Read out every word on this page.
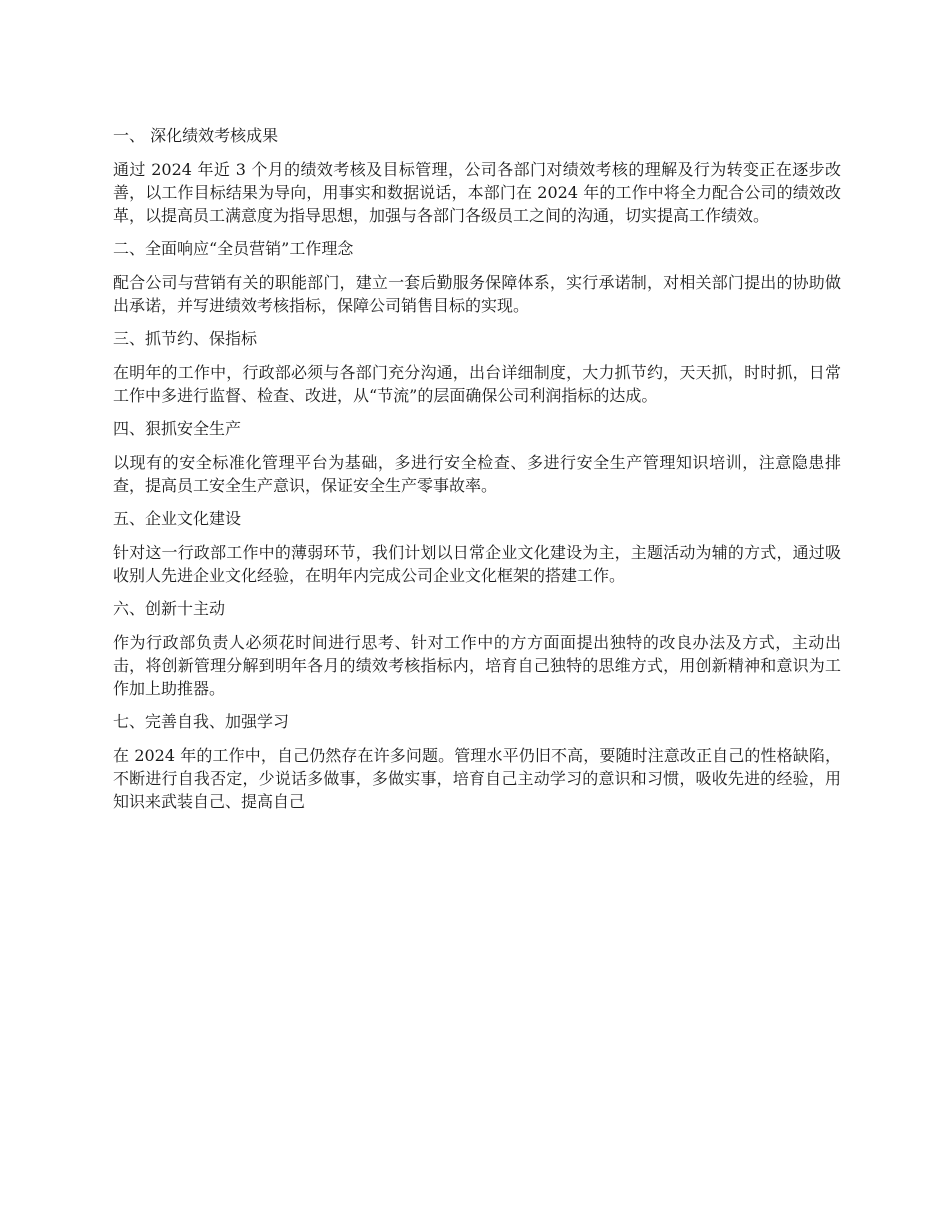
一、 深化绩效考核成果
通过 2024 年近 3 个月的绩效考核及目标管理，公司各部门对绩效考核的理解及行为转变正在逐步改善，以工作目标结果为导向，用事实和数据说话，本部门在 2024 年的工作中将全力配合公司的绩效改革，以提高员工满意度为指导思想，加强与各部门各级员工之间的沟通，切实提高工作绩效。
二、全面响应“全员营销”工作理念
配合公司与营销有关的职能部门，建立一套后勤服务保障体系，实行承诺制，对相关部门提出的协助做出承诺，并写进绩效考核指标，保障公司销售目标的实现。
三、抓节约、保指标
在明年的工作中，行政部必须与各部门充分沟通，出台详细制度，大力抓节约，天天抓，时时抓，日常工作中多进行监督、检查、改进，从“节流”的层面确保公司利润指标的达成。
四、狠抓安全生产
以现有的安全标准化管理平台为基础，多进行安全检查、多进行安全生产管理知识培训，注意隐患排查，提高员工安全生产意识，保证安全生产零事故率。
五、企业文化建设
针对这一行政部工作中的薄弱环节，我们计划以日常企业文化建设为主，主题活动为辅的方式，通过吸收别人先进企业文化经验，在明年内完成公司企业文化框架的搭建工作。
六、创新十主动
作为行政部负责人必须花时间进行思考、针对工作中的方方面面提出独特的改良办法及方式，主动出击，将创新管理分解到明年各月的绩效考核指标内，培育自己独特的思维方式，用创新精神和意识为工作加上助推器。
七、完善自我、加强学习
在 2024 年的工作中，自己仍然存在许多问题。管理水平仍旧不高，要随时注意改正自己的性格缺陷，不断进行自我否定，少说话多做事，多做实事，培育自己主动学习的意识和习惯，吸收先进的经验，用知识来武装自己、提高自己
